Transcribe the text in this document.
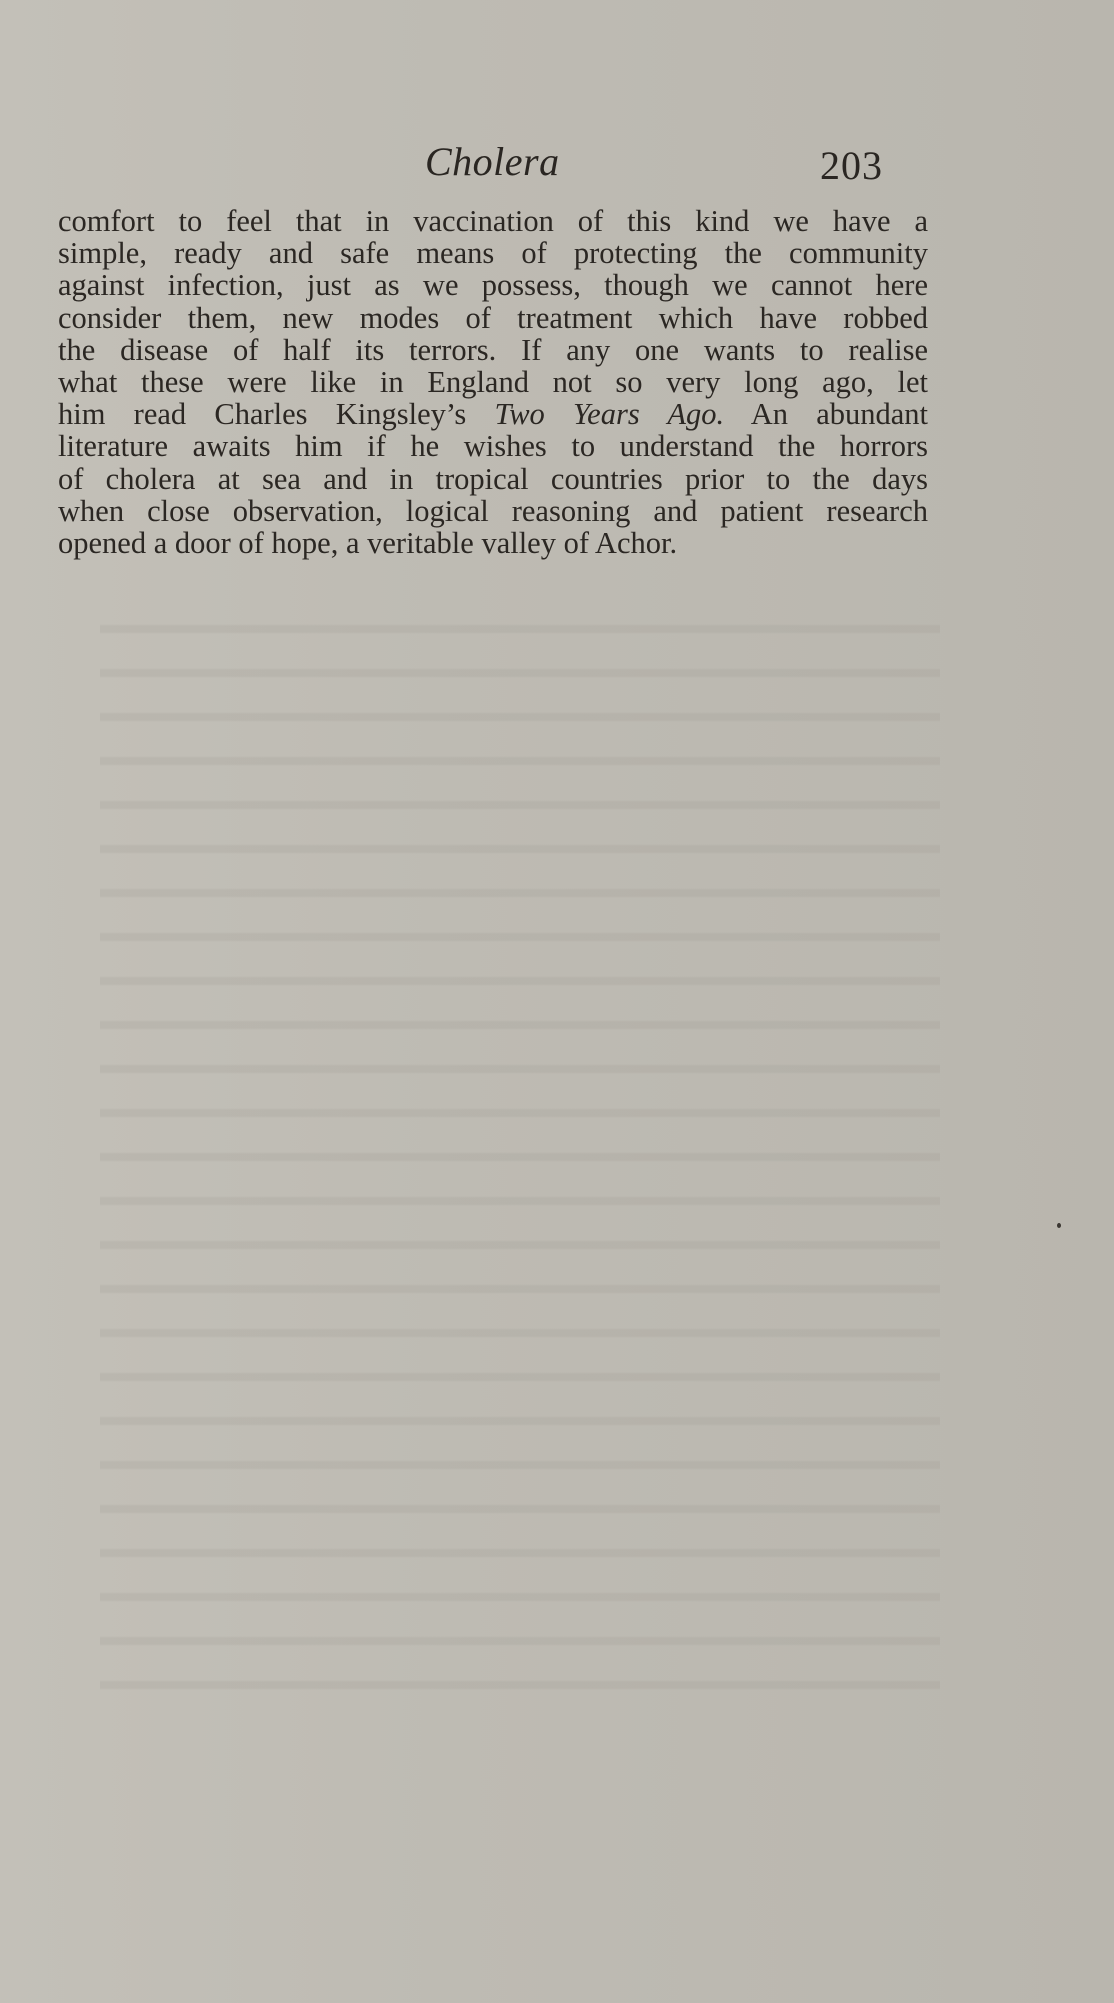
Cholera	203

comfort to feel that in vaccination of this kind we have a
simple, ready and safe means of protecting the community
against infection, just as we possess, though we cannot here
consider them, new modes of treatment which have robbed
the disease of half its terrors. If any one wants to realise
what these were like in England not so very long ago, let
him read Charles Kingsley’s Two Years Ago. An abundant
literature awaits him if he wishes to understand the horrors
of cholera at sea and in tropical countries prior to the days
when close observation, logical reasoning and patient research
opened a door of hope, a veritable valley of Achor.
